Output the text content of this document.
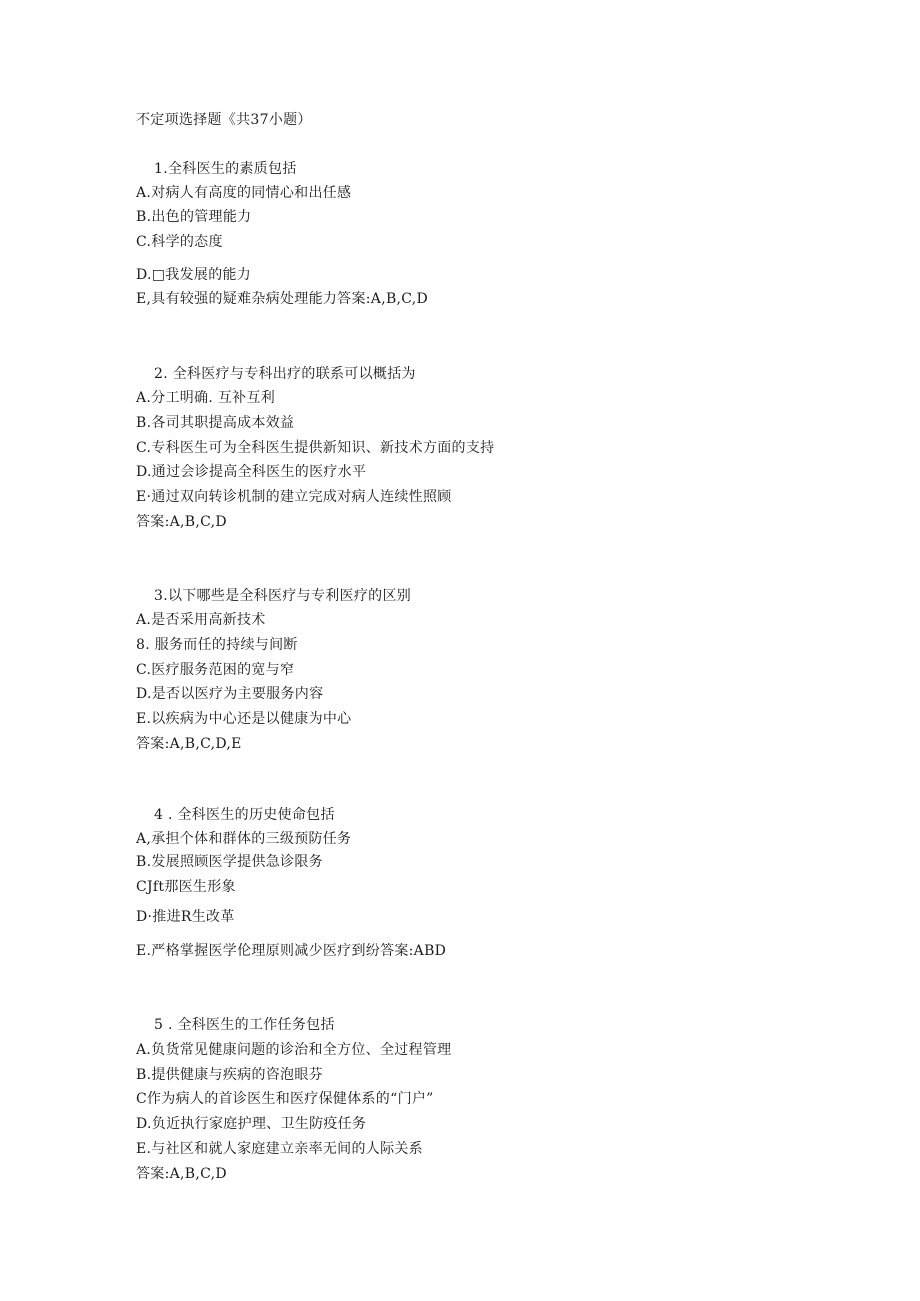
不定项选择题《共37小题）
1.全科医生的素质包括
A.对病人有高度的同情心和出任感
B.出色的管理能力
C.科学的态度
D.□我发展的能力
E,具有较强的疑难杂病处理能力答案:A,B,C,D
2. 全科医疗与专科出疗的联系可以概括为
A.分工明确. 互补互利
B.各司其职提高成本效益
C.专科医生可为全科医生提供新知识、新技术方面的支持
D.通过会诊提高全科医生的医疗水平
E·通过双向转诊机制的建立完成对病人连续性照顾
答案:A,B,C,D
3.以下哪些是全科医疗与专利医疗的区别
A.是否采用高新技术
8. 服务而任的持续与间断
C.医疗服务范困的宽与窄
D.是否以医疗为主要服务内容
E.以疾病为中心还是以健康为中心
答案:A,B,C,D,E
4 . 全科医生的历史使命包括
A,承担个体和群体的三级预防任务
B.发展照顾医学提供急诊限务
CJft那医生形象
D·推进R生改革
E.严格掌握医学伦理原则减少医疗到纷答案:ABD
5 . 全科医生的工作任务包括
A.负货常见健康问题的诊治和全方位、全过程管理
B.提供健康与疾病的咨泡眼芬
C作为病人的首诊医生和医疗保健体系的“门户”
D.负近执行家庭护理、卫生防疫任务
E.与社区和就人家庭建立亲率无间的人际关系
答案:A,B,C,D
